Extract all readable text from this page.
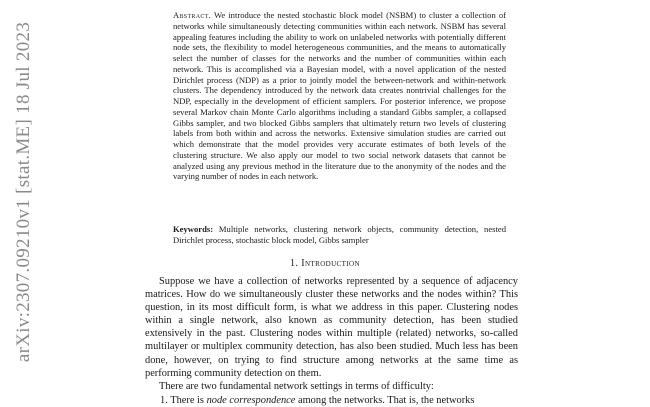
arXiv:2307.09210v1 [stat.ME] 18 Jul 2023
Abstract. We introduce the nested stochastic block model (NSBM) to cluster a collection of networks while simultaneously detecting communities within each network. NSBM has several appealing features including the ability to work on unlabeled networks with potentially different node sets, the flexibility to model heterogeneous communities, and the means to automatically select the number of classes for the networks and the number of communities within each network. This is accomplished via a Bayesian model, with a novel application of the nested Dirichlet process (NDP) as a prior to jointly model the between-network and within-network clusters. The dependency introduced by the network data creates nontrivial challenges for the NDP, especially in the development of efficient samplers. For posterior inference, we propose several Markov chain Monte Carlo algorithms including a standard Gibbs sampler, a collapsed Gibbs sampler, and two blocked Gibbs samplers that ultimately return two levels of clustering labels from both within and across the networks. Extensive simulation studies are carried out which demonstrate that the model provides very accurate estimates of both levels of the clustering structure. We also apply our model to two social network datasets that cannot be analyzed using any previous method in the literature due to the anonymity of the nodes and the varying number of nodes in each network.
Keywords: Multiple networks, clustering network objects, community detection, nested Dirichlet process, stochastic block model, Gibbs sampler
1. Introduction
Suppose we have a collection of networks represented by a sequence of adjacency matrices. How do we simultaneously cluster these networks and the nodes within? This question, in its most difficult form, is what we address in this paper. Clustering nodes within a single network, also known as community detection, has been studied extensively in the past. Clustering nodes within multiple (related) networks, so-called multilayer or multiplex community detection, has also been studied. Much less has been done, however, on trying to find structure among networks at the same time as performing community detection on them.
There are two fundamental network settings in terms of difficulty:
1. There is node correspondence among the networks. That is, the networks
